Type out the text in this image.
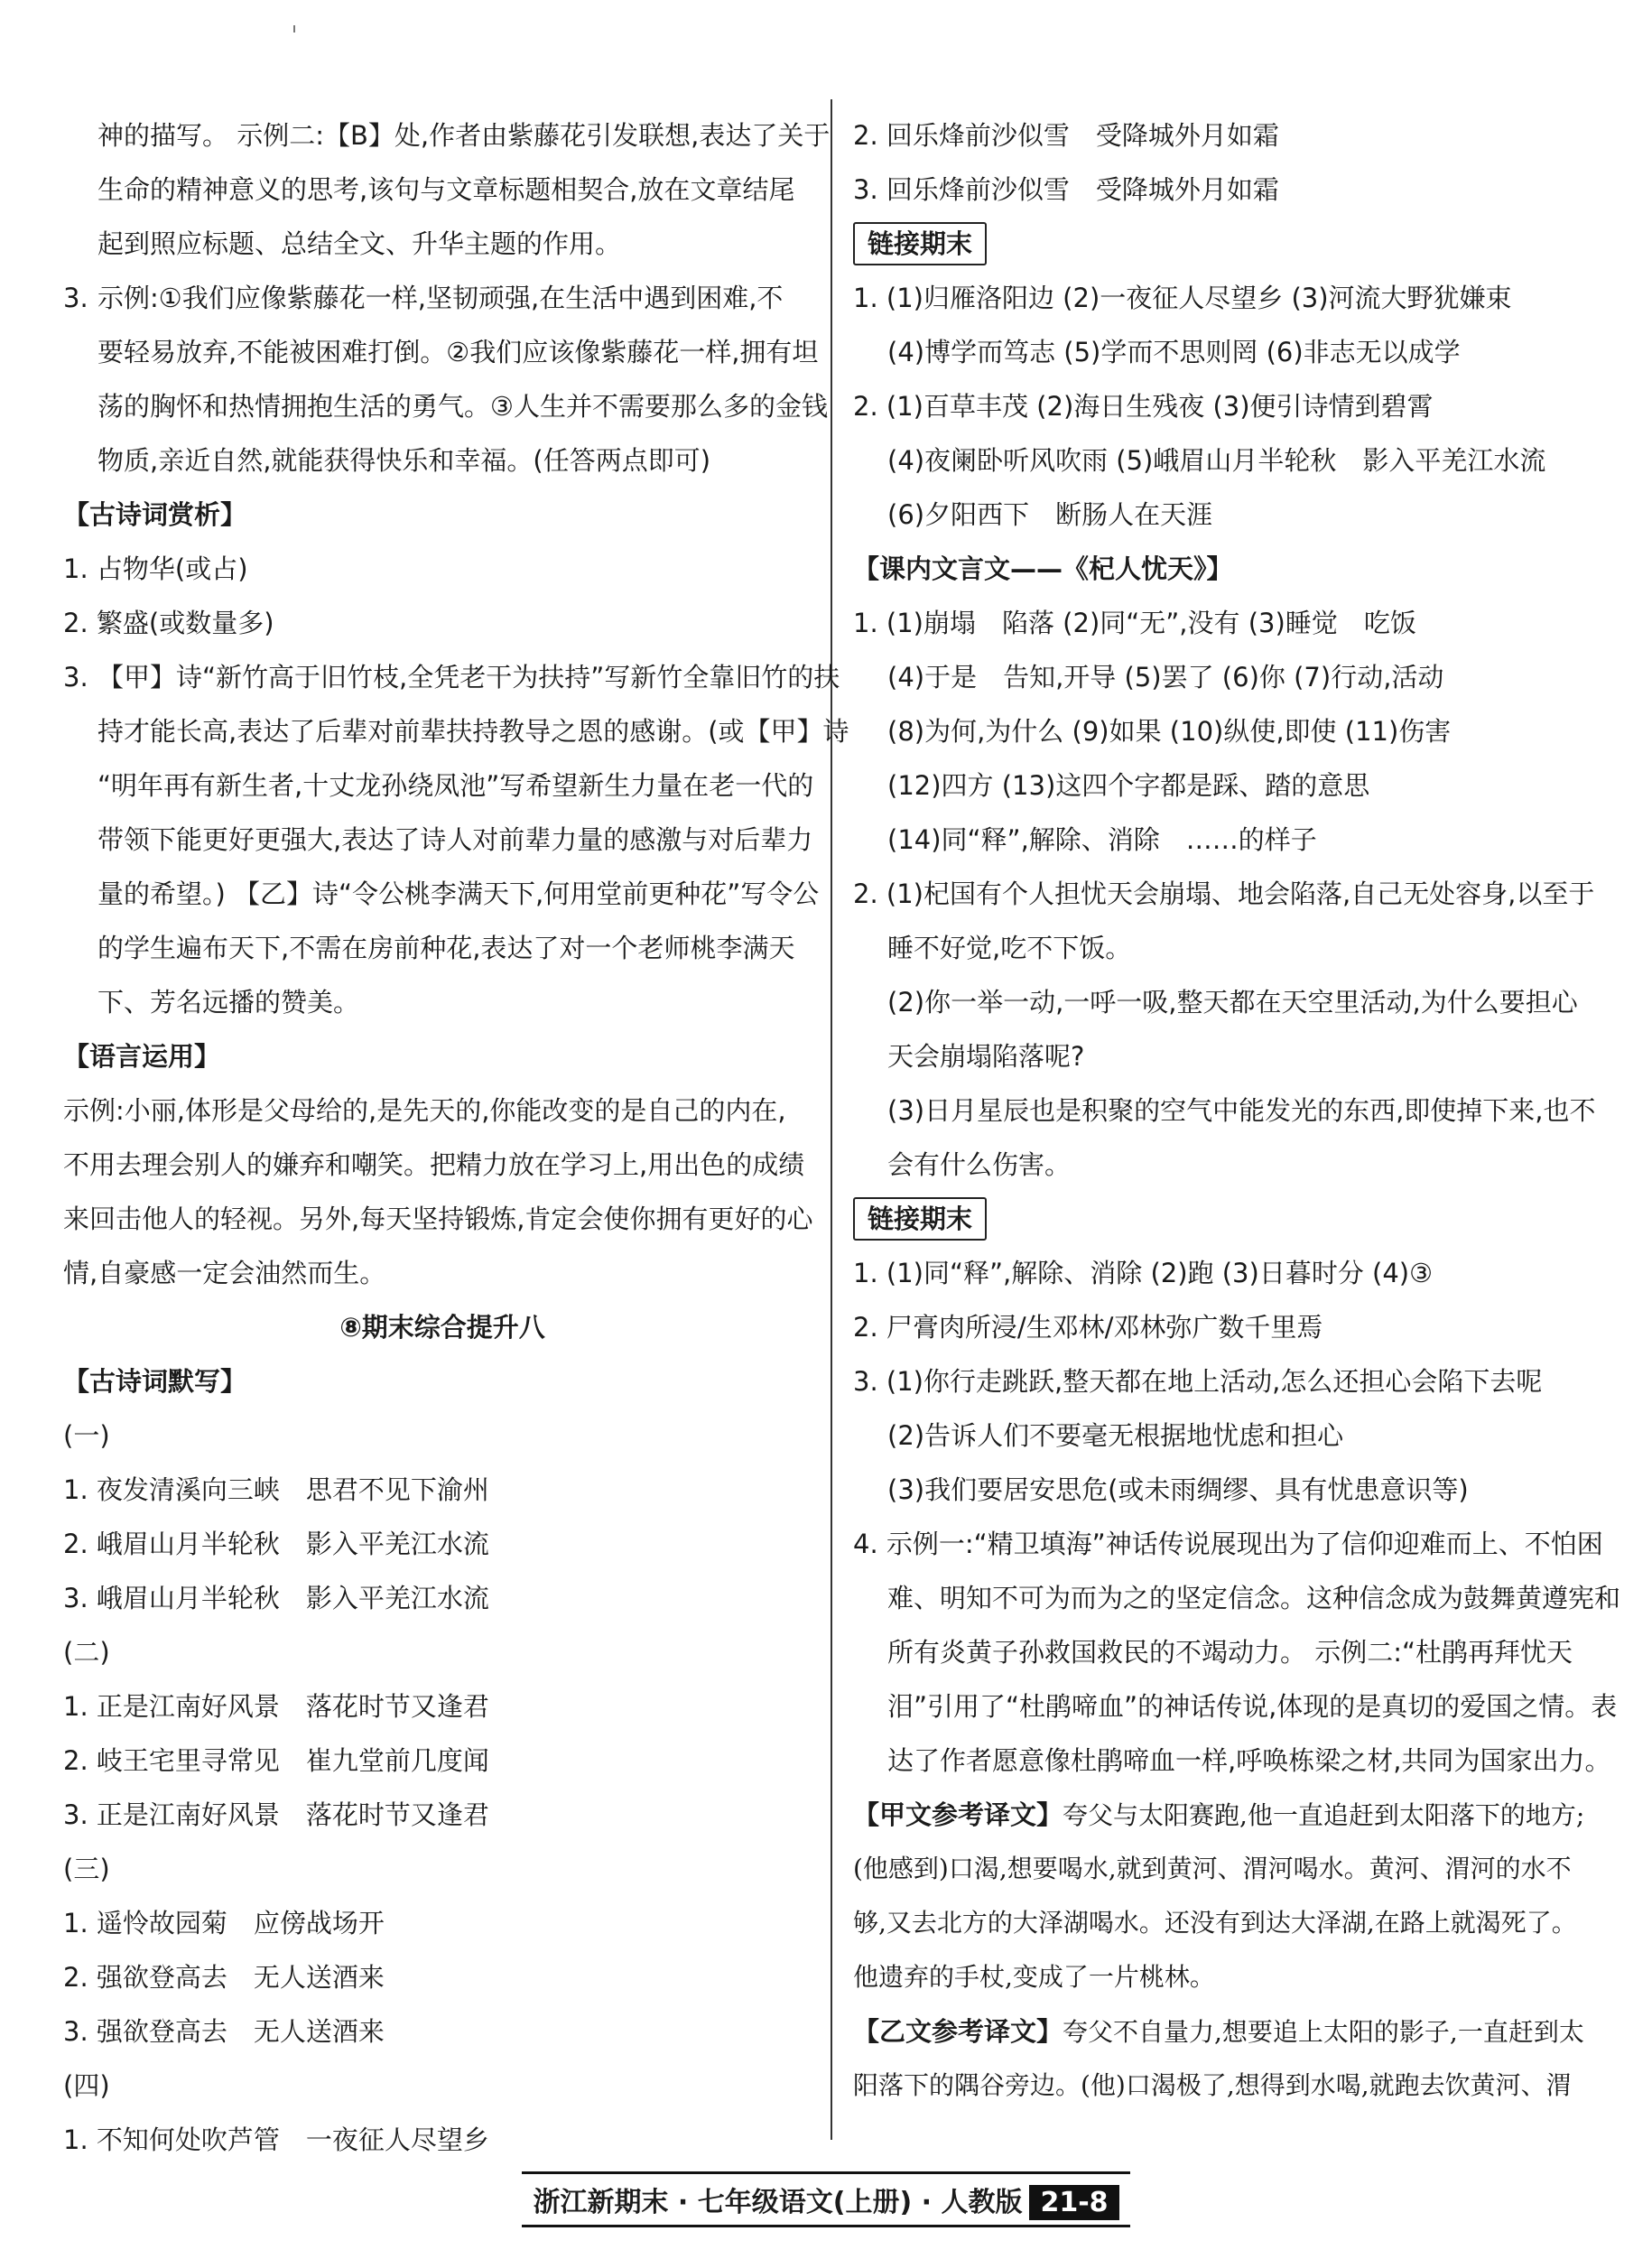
神的描写。 示例二:【B】处,作者由紫藤花引发联想,表达了关于
生命的精神意义的思考,该句与文章标题相契合,放在文章结尾
起到照应标题、总结全文、升华主题的作用。
3. 示例:①我们应像紫藤花一样,坚韧顽强,在生活中遇到困难,不
要轻易放弃,不能被困难打倒。②我们应该像紫藤花一样,拥有坦
荡的胸怀和热情拥抱生活的勇气。③人生并不需要那么多的金钱
物质,亲近自然,就能获得快乐和幸福。(任答两点即可)
【古诗词赏析】
1. 占物华(或占)
2. 繁盛(或数量多)
3. 【甲】诗“新竹高于旧竹枝,全凭老干为扶持”写新竹全靠旧竹的扶
持才能长高,表达了后辈对前辈扶持教导之恩的感谢。(或【甲】诗
“明年再有新生者,十丈龙孙绕凤池”写希望新生力量在老一代的
带领下能更好更强大,表达了诗人对前辈力量的感激与对后辈力
量的希望。) 【乙】诗“令公桃李满天下,何用堂前更种花”写令公
的学生遍布天下,不需在房前种花,表达了对一个老师桃李满天
下、芳名远播的赞美。
【语言运用】
示例:小丽,体形是父母给的,是先天的,你能改变的是自己的内在,
不用去理会别人的嫌弃和嘲笑。把精力放在学习上,用出色的成绩
来回击他人的轻视。另外,每天坚持锻炼,肯定会使你拥有更好的心
情,自豪感一定会油然而生。
⑧期末综合提升八
【古诗词默写】
(一)
1. 夜发清溪向三峡　思君不见下渝州
2. 峨眉山月半轮秋　影入平羌江水流
3. 峨眉山月半轮秋　影入平羌江水流
(二)
1. 正是江南好风景　落花时节又逢君
2. 岐王宅里寻常见　崔九堂前几度闻
3. 正是江南好风景　落花时节又逢君
(三)
1. 遥怜故园菊　应傍战场开
2. 强欲登高去　无人送酒来
3. 强欲登高去　无人送酒来
(四)
1. 不知何处吹芦管　一夜征人尽望乡
2. 回乐烽前沙似雪　受降城外月如霜
3. 回乐烽前沙似雪　受降城外月如霜
链接期末
1. (1)归雁洛阳边 (2)一夜征人尽望乡 (3)河流大野犹嫌束
(4)博学而笃志 (5)学而不思则罔 (6)非志无以成学
2. (1)百草丰茂 (2)海日生残夜 (3)便引诗情到碧霄
(4)夜阑卧听风吹雨 (5)峨眉山月半轮秋　影入平羌江水流
(6)夕阳西下　断肠人在天涯
【课内文言文——《杞人忧天》】
1. (1)崩塌　陷落 (2)同“无”,没有 (3)睡觉　吃饭
(4)于是　告知,开导 (5)罢了 (6)你 (7)行动,活动
(8)为何,为什么 (9)如果 (10)纵使,即使 (11)伤害
(12)四方 (13)这四个字都是踩、踏的意思
(14)同“释”,解除、消除　……的样子
2. (1)杞国有个人担忧天会崩塌、地会陷落,自己无处容身,以至于
睡不好觉,吃不下饭。
(2)你一举一动,一呼一吸,整天都在天空里活动,为什么要担心
天会崩塌陷落呢?
(3)日月星辰也是积聚的空气中能发光的东西,即使掉下来,也不
会有什么伤害。
链接期末
1. (1)同“释”,解除、消除 (2)跑 (3)日暮时分 (4)③
2. 尸膏肉所浸/生邓林/邓林弥广数千里焉
3. (1)你行走跳跃,整天都在地上活动,怎么还担心会陷下去呢
(2)告诉人们不要毫无根据地忧虑和担心
(3)我们要居安思危(或未雨绸缪、具有忧患意识等)
4. 示例一:“精卫填海”神话传说展现出为了信仰迎难而上、不怕困
难、明知不可为而为之的坚定信念。这种信念成为鼓舞黄遵宪和
所有炎黄子孙救国救民的不竭动力。 示例二:“杜鹃再拜忧天
泪”引用了“杜鹃啼血”的神话传说,体现的是真切的爱国之情。表
达了作者愿意像杜鹃啼血一样,呼唤栋梁之材,共同为国家出力。
【甲文参考译文】夸父与太阳赛跑,他一直追赶到太阳落下的地方;
(他感到)口渴,想要喝水,就到黄河、渭河喝水。黄河、渭河的水不
够,又去北方的大泽湖喝水。还没有到达大泽湖,在路上就渴死了。
他遗弃的手杖,变成了一片桃林。
【乙文参考译文】夸父不自量力,想要追上太阳的影子,一直赶到太
阳落下的隅谷旁边。(他)口渴极了,想得到水喝,就跑去饮黄河、渭
浙江新期末 · 七年级语文(上册) · 人教版 21-8
